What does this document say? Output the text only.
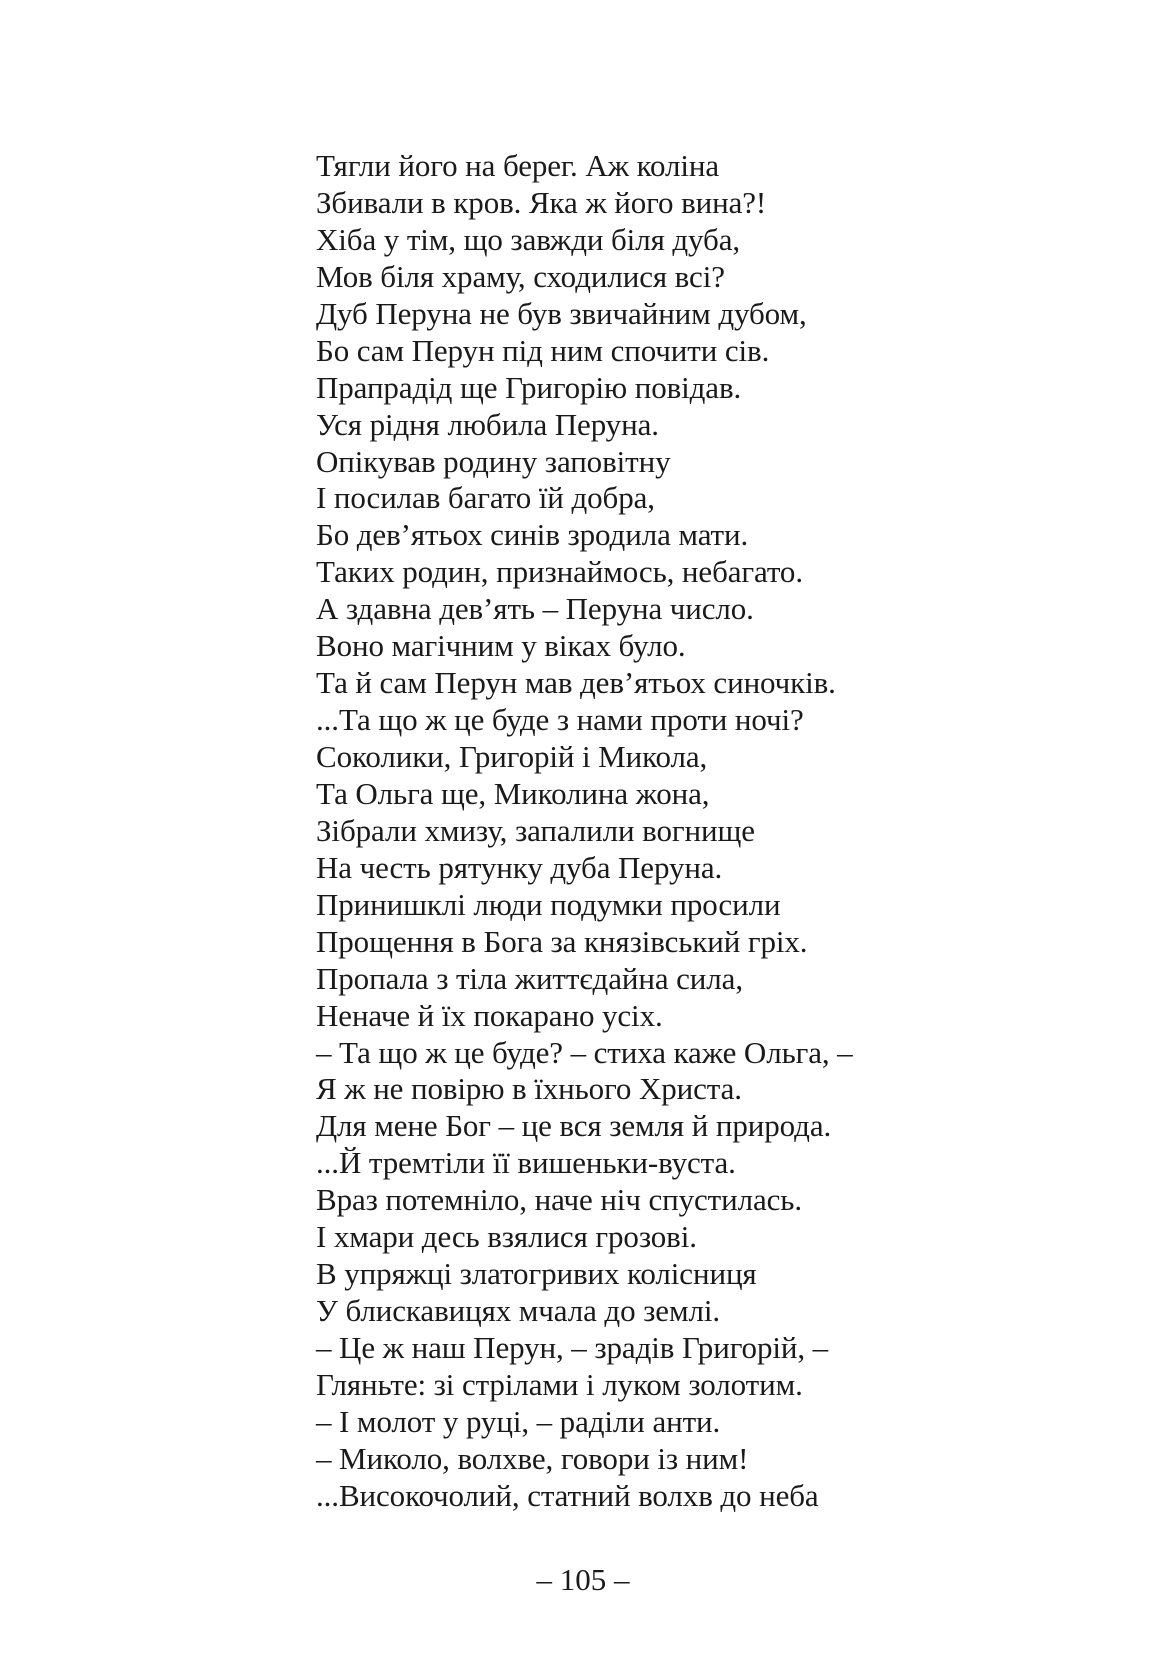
Тягли його на берег. Аж коліна
Збивали в кров. Яка ж його вина?!
Хіба у тім, що завжди біля дуба,
Мов біля храму, сходилися всі?
Дуб Перуна не був звичайним дубом,
Бо сам Перун під ним спочити сів.
Прапрадід ще Григорію повідав.
Уся рідня любила Перуна.
Опікував родину заповітну
І посилав багато їй добра,
Бо дев’ятьох синів зродила мати.
Таких родин, признаймось, небагато.
А здавна дев’ять – Перуна число.
Воно магічним у віках було.
Та й сам Перун мав дев’ятьох синочків.
...Та що ж це буде з нами проти ночі?
Соколики, Григорій і Микола,
Та Ольга ще, Миколина жона,
Зібрали хмизу, запалили вогнище
На честь рятунку дуба Перуна.
Принишклі люди подумки просили
Прощення в Бога за князівський гріх.
Пропала з тіла життєдайна сила,
Неначе й їх покарано усіх.
– Та що ж це буде? – стиха каже Ольга, –
Я ж не повірю в їхнього Христа.
Для мене Бог – це вся земля й природа.
...Й тремтіли її вишеньки-вуста.
Враз потемніло, наче ніч спустилась.
І хмари десь взялися грозові.
В упряжці златогривих колісниця
У блискавицях мчала до землі.
– Це ж наш Перун, – зрадів Григорій, –
Гляньте: зі стрілами і луком золотим.
– І молот у руці, – раділи анти.
– Миколо, волхве, говори із ним!
...Високочолий, статний волхв до неба
– 105 –
